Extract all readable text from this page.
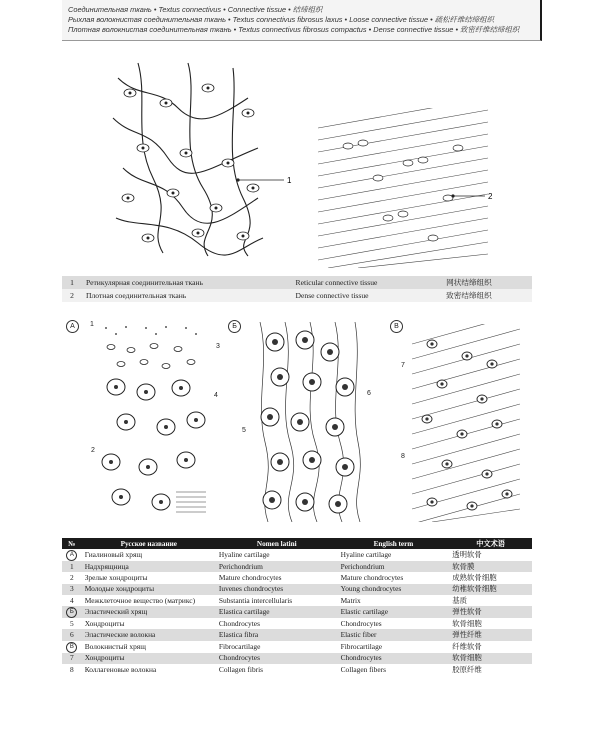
Соединительная ткань • Textus connectivus • Connective tissue • 结缔组织
Рыхлая волокнистая соединительная ткань • Textus connectivus fibrosus laxus • Loose connective tissue • 疏松纤维结缔组织
Плотная волокнистая соединительная ткань • Textus connectivus fibrosus compactus • Dense connective tissue • 致密纤维结缔组织
1
2
1	Ретикулярная соединительная ткань	Reticular connective tissue	网状结缔组织
2	Плотная соединительная ткань	Dense connective tissue	致密结缔组织
A	Б	B
1
3
4
2
6
5
7
8
№	Русское название	Nomen latini	English term	中文术语
A	Гиалиновый хрящ	Hyaline cartilage	Hyaline cartilage	透明软骨
1	Надхрящница	Perichondrium	Perichondrium	软骨膜
2	Зрелые хондроциты	Mature chondrocytes	Mature chondrocytes	成熟软骨细胞
3	Молодые хондроциты	Iuvenes chondrocytes	Young chondrocytes	幼稚软骨细胞
4	Межклеточное вещество (матрикс)	Substantia intercellularis	Matrix	基质
Б	Эластический хрящ	Elastica cartilage	Elastic cartilage	弹性软骨
5	Хондроциты	Chondrocytes	Chondrocytes	软骨细胞
6	Эластические волокна	Elastica fibra	Elastic fiber	弹性纤维
B	Волокнистый хрящ	Fibrocartilage	Fibrocartilage	纤维软骨
7	Хондроциты	Chondrocytes	Chondrocytes	软骨细胞
8	Коллагеновые волокна	Collagen fibris	Collagen fibers	胶原纤维
